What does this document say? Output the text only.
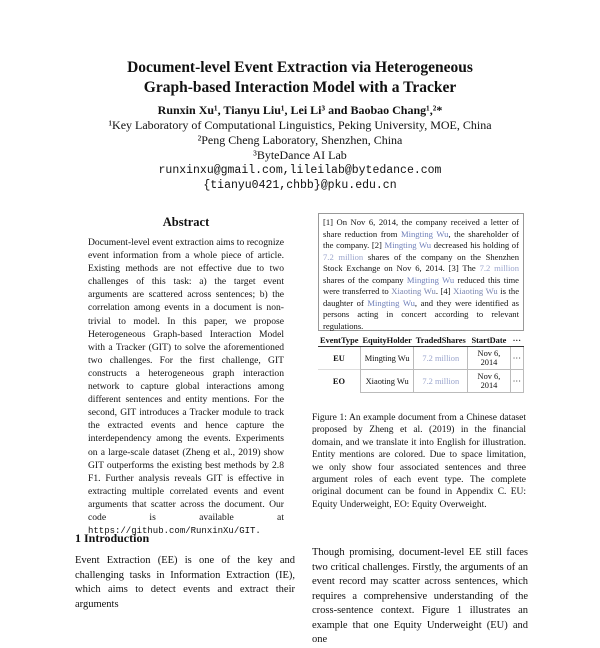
Document-level Event Extraction via Heterogeneous
Graph-based Interaction Model with a Tracker
Runxin Xu¹, Tianyu Liu¹, Lei Li³ and Baobao Chang¹,²*
¹Key Laboratory of Computational Linguistics, Peking University, MOE, China
²Peng Cheng Laboratory, Shenzhen, China
³ByteDance AI Lab
runxinxu@gmail.com,lileilab@bytedance.com
{tianyu0421,chbb}@pku.edu.cn
Abstract
Document-level event extraction aims to recognize event information from a whole piece of article. Existing methods are not effective due to two challenges of this task: a) the target event arguments are scattered across sentences; b) the correlation among events in a document is non-trivial to model. In this paper, we propose Heterogeneous Graph-based Interaction Model with a Tracker (GIT) to solve the aforementioned two challenges. For the first challenge, GIT constructs a heterogeneous graph interaction network to capture global interactions among different sentences and entity mentions. For the second, GIT introduces a Tracker module to track the extracted events and hence capture the interdependency among the events. Experiments on a large-scale dataset (Zheng et al., 2019) show GIT outperforms the existing best methods by 2.8 F1. Further analysis reveals GIT is effective in extracting multiple correlated events and event arguments that scatter across the document. Our code is available at https://github.com/RunxinXu/GIT.
1 Introduction
Event Extraction (EE) is one of the key and challenging tasks in Information Extraction (IE), which aims to detect events and extract their arguments
[1] On Nov 6, 2014, the company received a letter of share reduction from Mingting Wu, the shareholder of the company. [2] Mingting Wu decreased his holding of 7.2 million shares of the company on the Shenzhen Stock Exchange on Nov 6, 2014. [3] The 7.2 million shares of the company Mingting Wu reduced this time were transferred to Xiaoting Wu. [4] Xiaoting Wu is the daughter of Mingting Wu, and they were identified as persons acting in concert according to relevant regulations.
EventType	EquityHolder	TradedShares	StartDate	···
EU	Mingting Wu	7.2 million	Nov 6, 2014	···
EO	Xiaoting Wu	7.2 million	Nov 6, 2014	···
Figure 1: An example document from a Chinese dataset proposed by Zheng et al. (2019) in the financial domain, and we translate it into English for illustration. Entity mentions are colored. Due to space limitation, we only show four associated sentences and three argument roles of each event type. The complete original document can be found in Appendix C. EU: Equity Underweight, EO: Equity Overweight.
Though promising, document-level EE still faces two critical challenges. Firstly, the arguments of an event record may scatter across sentences, which requires a comprehensive understanding of the cross-sentence context. Figure 1 illustrates an example that one Equity Underweight (EU) and one
